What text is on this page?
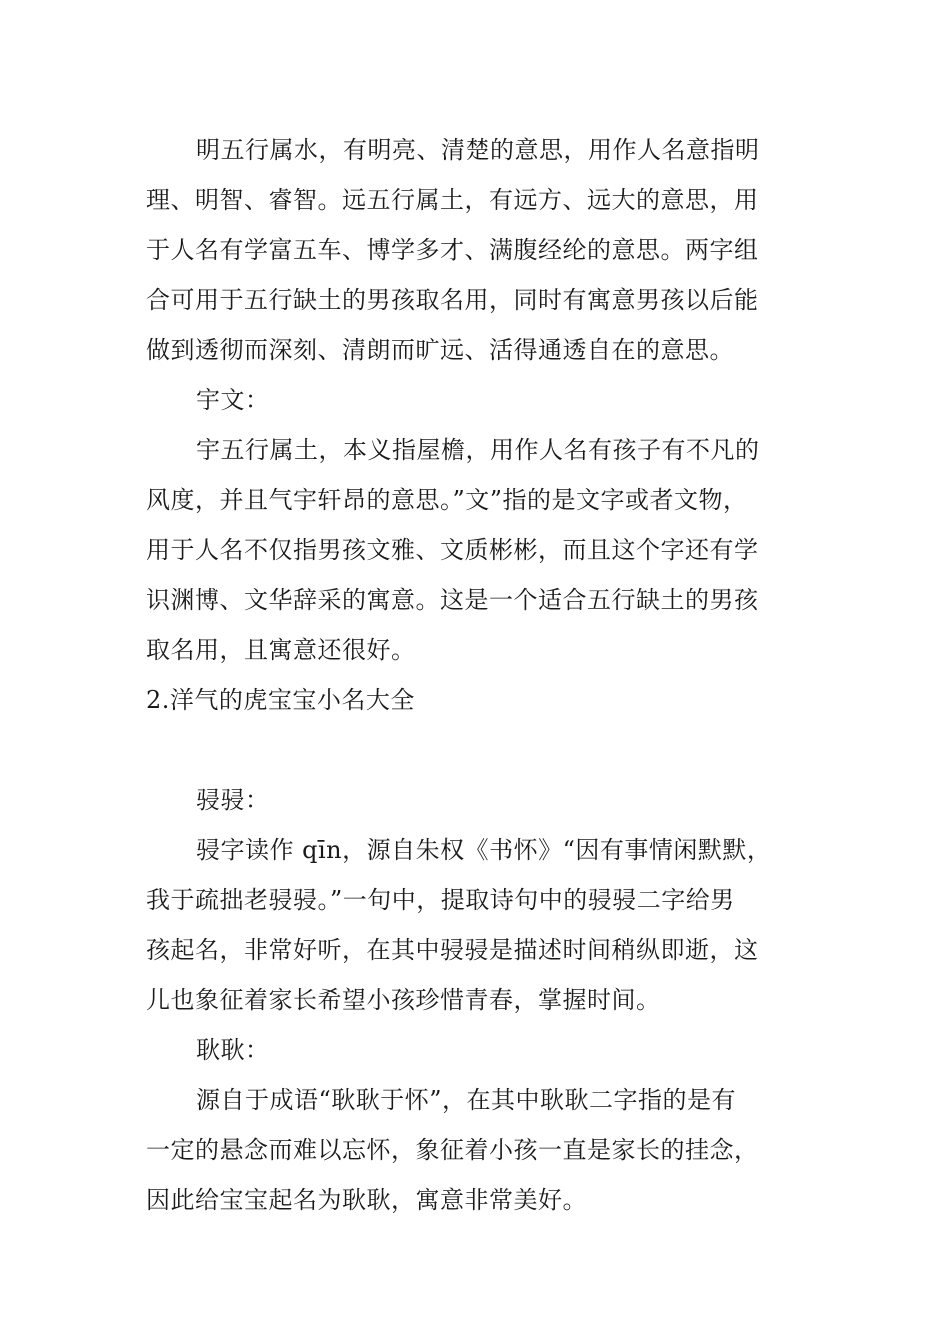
明五行属水，有明亮、清楚的意思，用作人名意指明
理、明智、睿智。远五行属土，有远方、远大的意思，用
于人名有学富五车、博学多才、满腹经纶的意思。两字组
合可用于五行缺土的男孩取名用，同时有寓意男孩以后能
做到透彻而深刻、清朗而旷远、活得通透自在的意思。
宇文：
宇五行属土，本义指屋檐，用作人名有孩子有不凡的
风度，并且气宇轩昂的意思。”文”指的是文字或者文物，
用于人名不仅指男孩文雅、文质彬彬，而且这个字还有学
识渊博、文华辞采的寓意。这是一个适合五行缺土的男孩
取名用，且寓意还很好。
2.洋气的虎宝宝小名大全
骎骎：
骎字读作 qīn，源自朱权《书怀》“因有事情闲默默，
我于疏拙老骎骎。”一句中，提取诗句中的骎骎二字给男
孩起名，非常好听，在其中骎骎是描述时间稍纵即逝，这
儿也象征着家长希望小孩珍惜青春，掌握时间。
耿耿：
源自于成语“耿耿于怀”，在其中耿耿二字指的是有
一定的悬念而难以忘怀，象征着小孩一直是家长的挂念，
因此给宝宝起名为耿耿，寓意非常美好。
